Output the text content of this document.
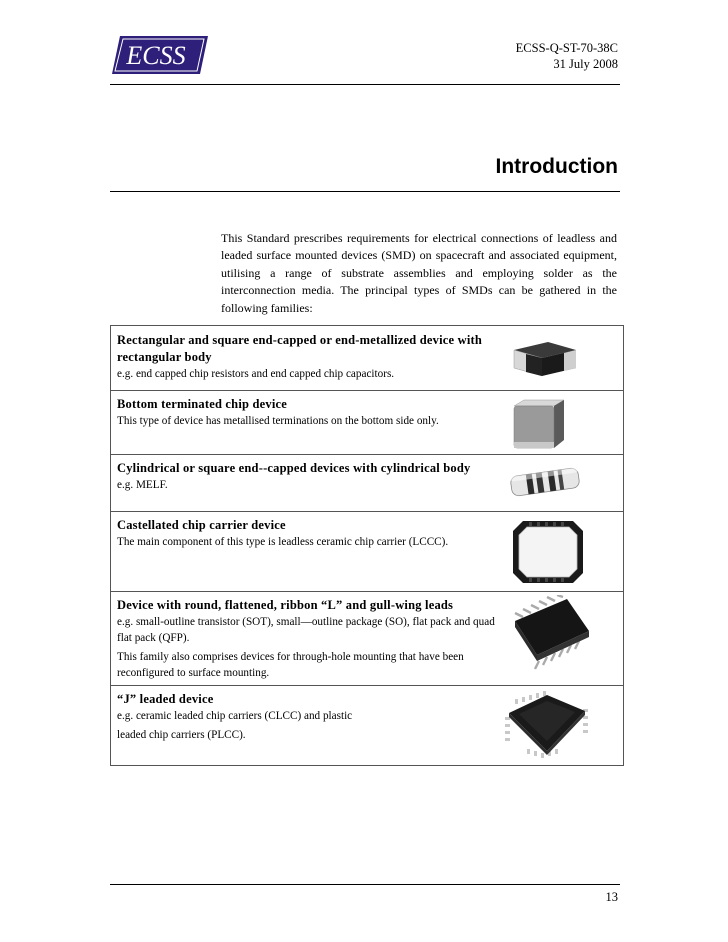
ECSS	ECSS-Q-ST-70-38C
31 July 2008
Introduction

This Standard prescribes requirements for electrical connections of leadless and leaded surface mounted devices (SMD) on spacecraft and associated equipment, utilising a range of substrate assemblies and employing solder as the interconnection media. The principal types of SMDs can be gathered in the following families:

Rectangular and square end-capped or end-metallized device with rectangular body

e.g. end capped chip resistors and end capped chip capacitors.

Bottom terminated chip device

This type of device has metallised terminations on the bottom side only.

Cylindrical or square end--capped devices with cylindrical body

e.g. MELF.

Castellated chip carrier device

The main component of this type is leadless ceramic chip carrier (LCCC).

Device with round, flattened, ribbon “L” and gull-wing leads

e.g. small-outline transistor (SOT), small—outline package (SO), flat pack and quad flat pack (QFP).

This family also comprises devices for through-hole mounting that have been reconfigured to surface mounting.

“J” leaded device

e.g. ceramic leaded chip carriers (CLCC) and plastic

leaded chip carriers (PLCC).

13
